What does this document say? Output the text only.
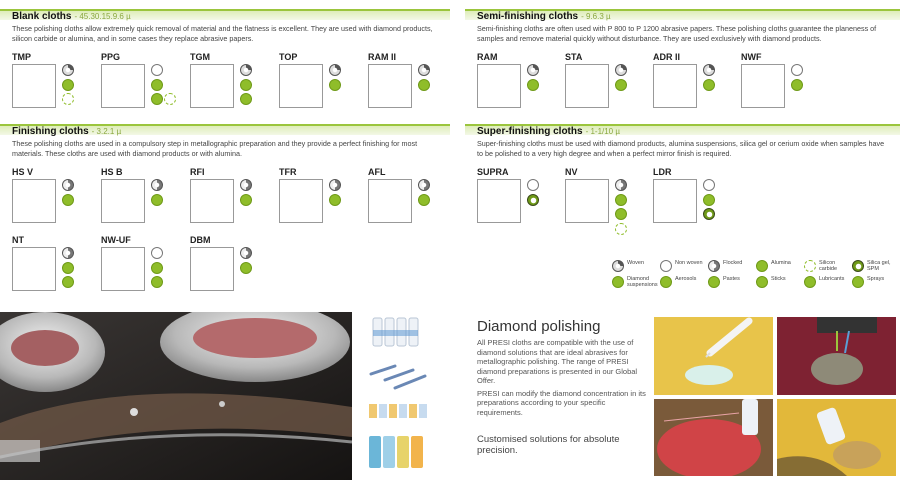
Blank cloths - 45.30.15.9.6 µ
These polishing cloths allow extremely quick removal of material and the flatness is excellent. They are used with diamond products, silicon carbide or alumina, and in some cases they replace abrasive papers.
Semi-finishing cloths - 9.6.3 µ
Semi-finishing cloths are often used with P 800 to P 1200 abrasive papers. These polishing cloths guarantee the planeness of samples and remove material quickly without disturbance. They are used exclusively with diamond products.
Finishing cloths - 3.2.1 µ
These polishing cloths are used in a compulsory step in metallographic preparation and they provide a perfect finishing for most materials. These cloths are used with diamond products or with alumina.
Super-finishing cloths - 1-1/10 µ
Super-finishing cloths must be used with diamond products, alumina suspensions, silica gel or cerium oxide when samples have to be polished to a very high degree and when a perfect mirror finish is required.
TMP	PPG	TGM	TOP	RAM II	RAM	STA	ADR II	NWF
HS V	HS B	RFI	TFR	AFL
NT	NW-UF	DBM
SUPRA	NV	LDR
Woven	Non woven	Flocked	Alumina	Silicon carbide
Silica gel, SPM
Diamond suspensions
Aerosols	Pastes	Sticks	Lubricants	Sprays
Diamond polishing

All PRESI cloths are compatible with the use of diamond solutions that are ideal abrasives for metallographic polishing. The range of PRESI diamond preparations is presented in our Global Offer.

PRESI can modify the diamond concentration in its preparations according to your specific requirements.

Customised solutions for absolute precision.
